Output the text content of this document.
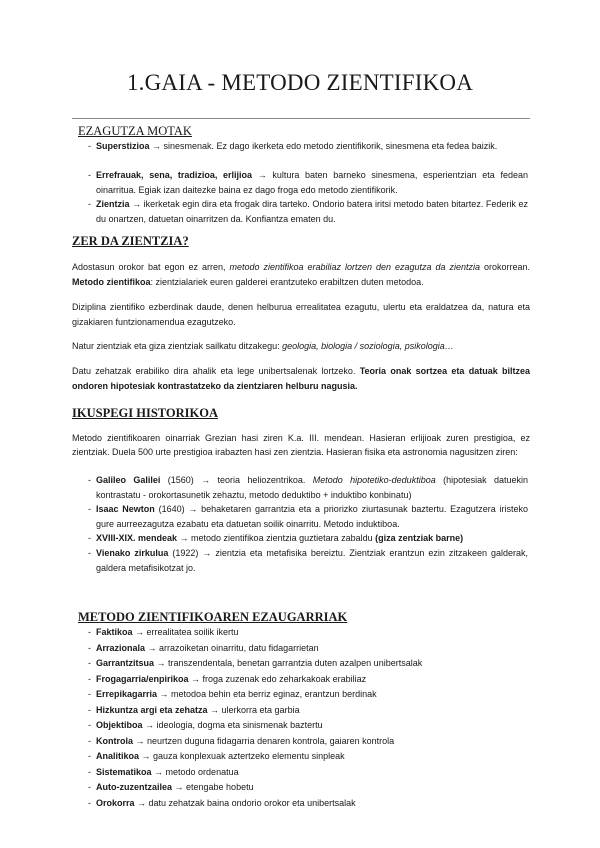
1.GAIA - METODO ZIENTIFIKOA
EZAGUTZA MOTAK
- Superstizioa → sinesmenak. Ez dago ikerketa edo metodo zientifikorik, sinesmena eta fedea baizik.
- Errefrauak, sena, tradizioa, erlijioa → kultura baten barneko sinesmena, esperientzian eta fedean oinarritua. Egiak izan daitezke baina ez dago froga edo metodo zientifikorik.
- Zientzia → ikerketak egin dira eta frogak dira tarteko. Ondorio batera iritsi metodo baten bitartez. Federik ez du onartzen, datuetan oinarritzen da. Konfiantza ematen du.
ZER DA ZIENTZIA?
Adostasun orokor bat egon ez arren, metodo zientifikoa erabiliaz lortzen den ezagutza da zientzia orokorrean. Metodo zientifikoa: zientzialariek euren galderei erantzuteko erabiltzen duten metodoa.
Diziplina zientifiko ezberdinak daude, denen helburua errealitatea ezagutu, ulertu eta eraldatzea da, natura eta gizakiaren funtzionamendua ezagutzeko.
Natur zientziak eta giza zientziak sailkatu ditzakegu: geologia, biologia / soziologia, psikologia…
Datu zehatzak erabiliko dira ahalik eta lege unibertsalenak lortzeko. Teoria onak sortzea eta datuak biltzea ondoren hipotesiak kontrastatzeko da zientziaren helburu nagusia.
IKUSPEGI HISTORIKOA
Metodo zientifikoaren oinarriak Grezian hasi ziren K.a. III. mendean. Hasieran erlijioak zuren prestigioa, ez zientziak. Duela 500 urte prestigioa irabazten hasi zen zientzia. Hasieran fisika eta astronomia nagusitzen ziren:
- Galileo Galilei (1560) → teoria heliozentrikoa. Metodo hipotetiko-deduktiboa (hipotesiak datuekin kontrastatu - orokortasunetik zehaztu, metodo deduktibo + induktibo konbinatu)
- Isaac Newton (1640) → behaketaren garrantzia eta a priorizko ziurtasunak baztertu. Ezagutzera iristeko gure aurreezagutza ezabatu eta datuetan soilik oinarritu. Metodo induktiboa.
- XVIII-XIX. mendeak → metodo zientifikoa zientzia guztietara zabaldu (giza zentziak barne)
- Vienako zirkulua (1922) → zientzia eta metafisika bereiztu. Zientziak erantzun ezin zitzakeen galderak, galdera metafisikotzat jo.
METODO ZIENTIFIKOAREN EZAUGARRIAK
- Faktikoa → errealitatea soilik ikertu
- Arrazionala → arrazoiketan oinarritu, datu fidagarrietan
- Garrantzitsua → transzendentala, benetan garrantzia duten azalpen unibertsalak
- Frogagarria/enpirikoa → froga zuzenak edo zeharkakoak erabiliaz
- Errepikagarria → metodoa behin eta berriz eginaz, erantzun berdinak
- Hizkuntza argi eta zehatza → ulerkorra eta garbia
- Objektiboa → ideologia, dogma eta sinismenak baztertu
- Kontrola → neurtzen duguna fidagarria denaren kontrola, gaiaren kontrola
- Analitikoa → gauza konplexuak aztertzeko elementu sinpleak
- Sistematikoa → metodo ordenatua
- Auto-zuzentzailea → etengabe hobetu
- Orokorra → datu zehatzak baina ondorio orokor eta unibertsalak
